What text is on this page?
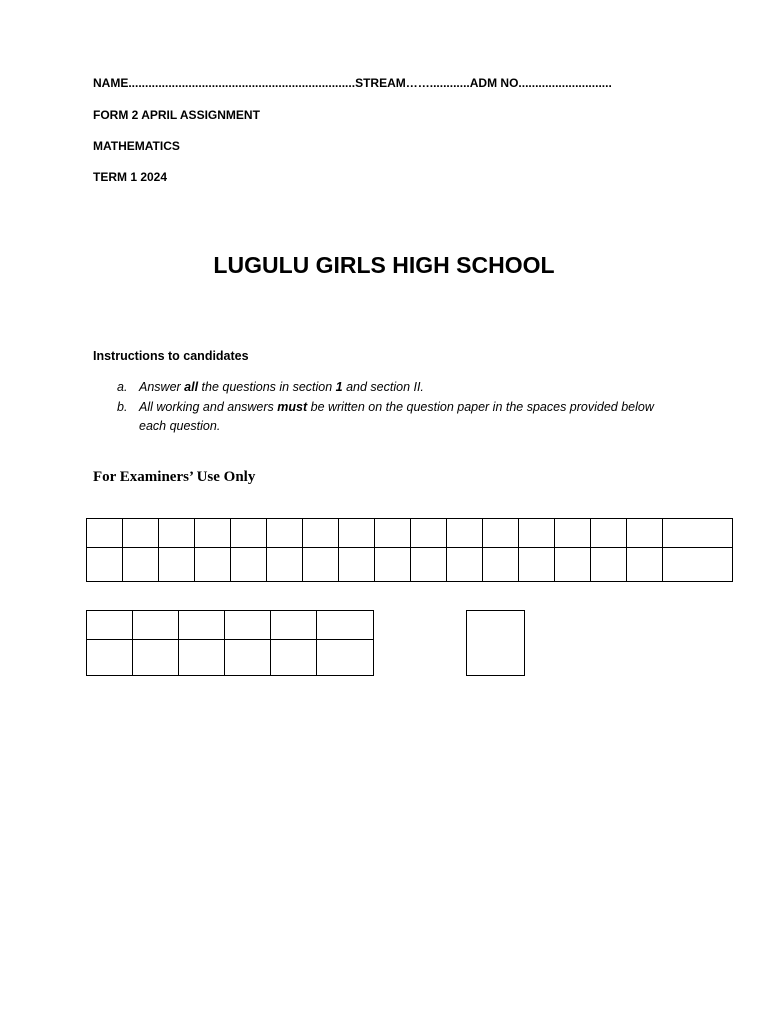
NAME....................................................................STREAM……............ADM NO............................
FORM 2 APRIL ASSIGNMENT
MATHEMATICS
TERM 1 2024
LUGULU GIRLS HIGH SCHOOL
Instructions to candidates
a. Answer all the questions in section 1 and section II.
b. All working and answers must be written on the question paper in the spaces provided below
each question.
For Examiners’ Use Only
